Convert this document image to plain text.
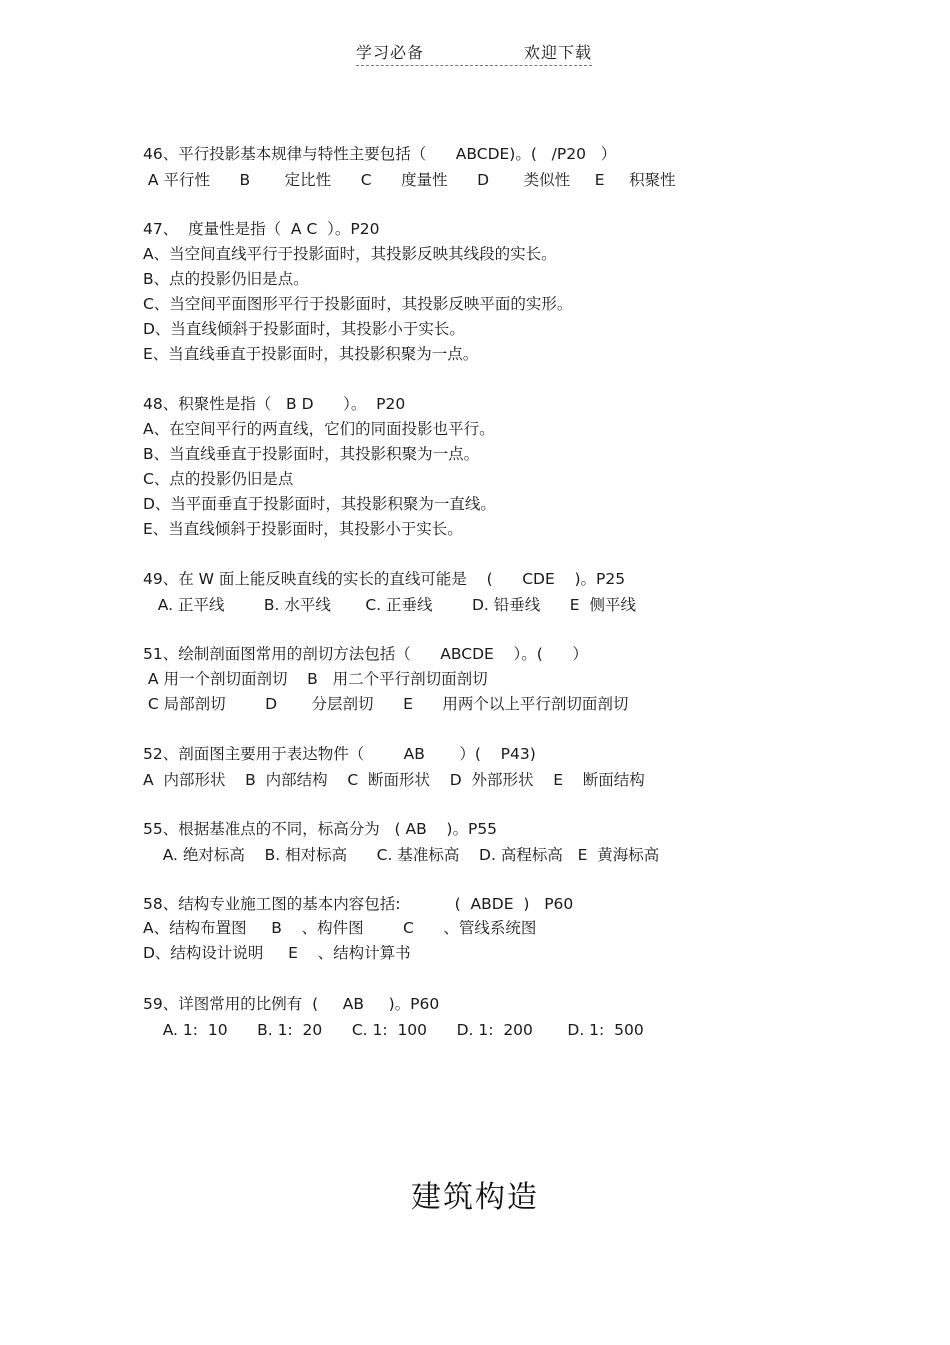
学习必备	欢迎下载
46、平行投影基本规律与特性主要包括（      ABCDE)。(   /P20   ）
A 平行性      B       定比性      C      度量性      D       类似性     E     积聚性
47、  度量性是指（  A C  ）。P20
A、当空间直线平行于投影面时，其投影反映其线段的实长。
B、点的投影仍旧是点。
C、当空间平面图形平行于投影面时，其投影反映平面的实形。
D、当直线倾斜于投影面时，其投影小于实长。
E、当直线垂直于投影面时，其投影积聚为一点。
48、积聚性是指（   B D      ）。  P20
A、在空间平行的两直线，它们的同面投影也平行。
B、当直线垂直于投影面时，其投影积聚为一点。
C、点的投影仍旧是点
D、当平面垂直于投影面时，其投影积聚为一直线。
E、当直线倾斜于投影面时，其投影小于实长。
49、在 W 面上能反映直线的实长的直线可能是    (      CDE    )。P25
A. 正平线        B. 水平线       C. 正垂线        D. 铅垂线      E  侧平线
51、绘制剖面图常用的剖切方法包括（      ABCDE    ）。(      ）
A 用一个剖切面剖切    B   用二个平行剖切面剖切
C 局部剖切        D       分层剖切      E      用两个以上平行剖切面剖切
52、剖面图主要用于表达物件（        AB       ）(    P43)
A  内部形状    B  内部结构    C  断面形状    D  外部形状    E    断面结构
55、根据基准点的不同，标高分为   ( AB    )。P55
A. 绝对标高    B. 相对标高      C. 基准标高    D. 高程标高   E  黄海标高
58、结构专业施工图的基本内容包括:           (  ABDE  )   P60
A、结构布置图     B    、构件图        C      、管线系统图
D、结构设计说明     E    、结构计算书
59、详图常用的比例有  (     AB     )。P60
A. 1:  10      B. 1:  20      C. 1:  100      D. 1:  200       D. 1:  500
建筑构造
